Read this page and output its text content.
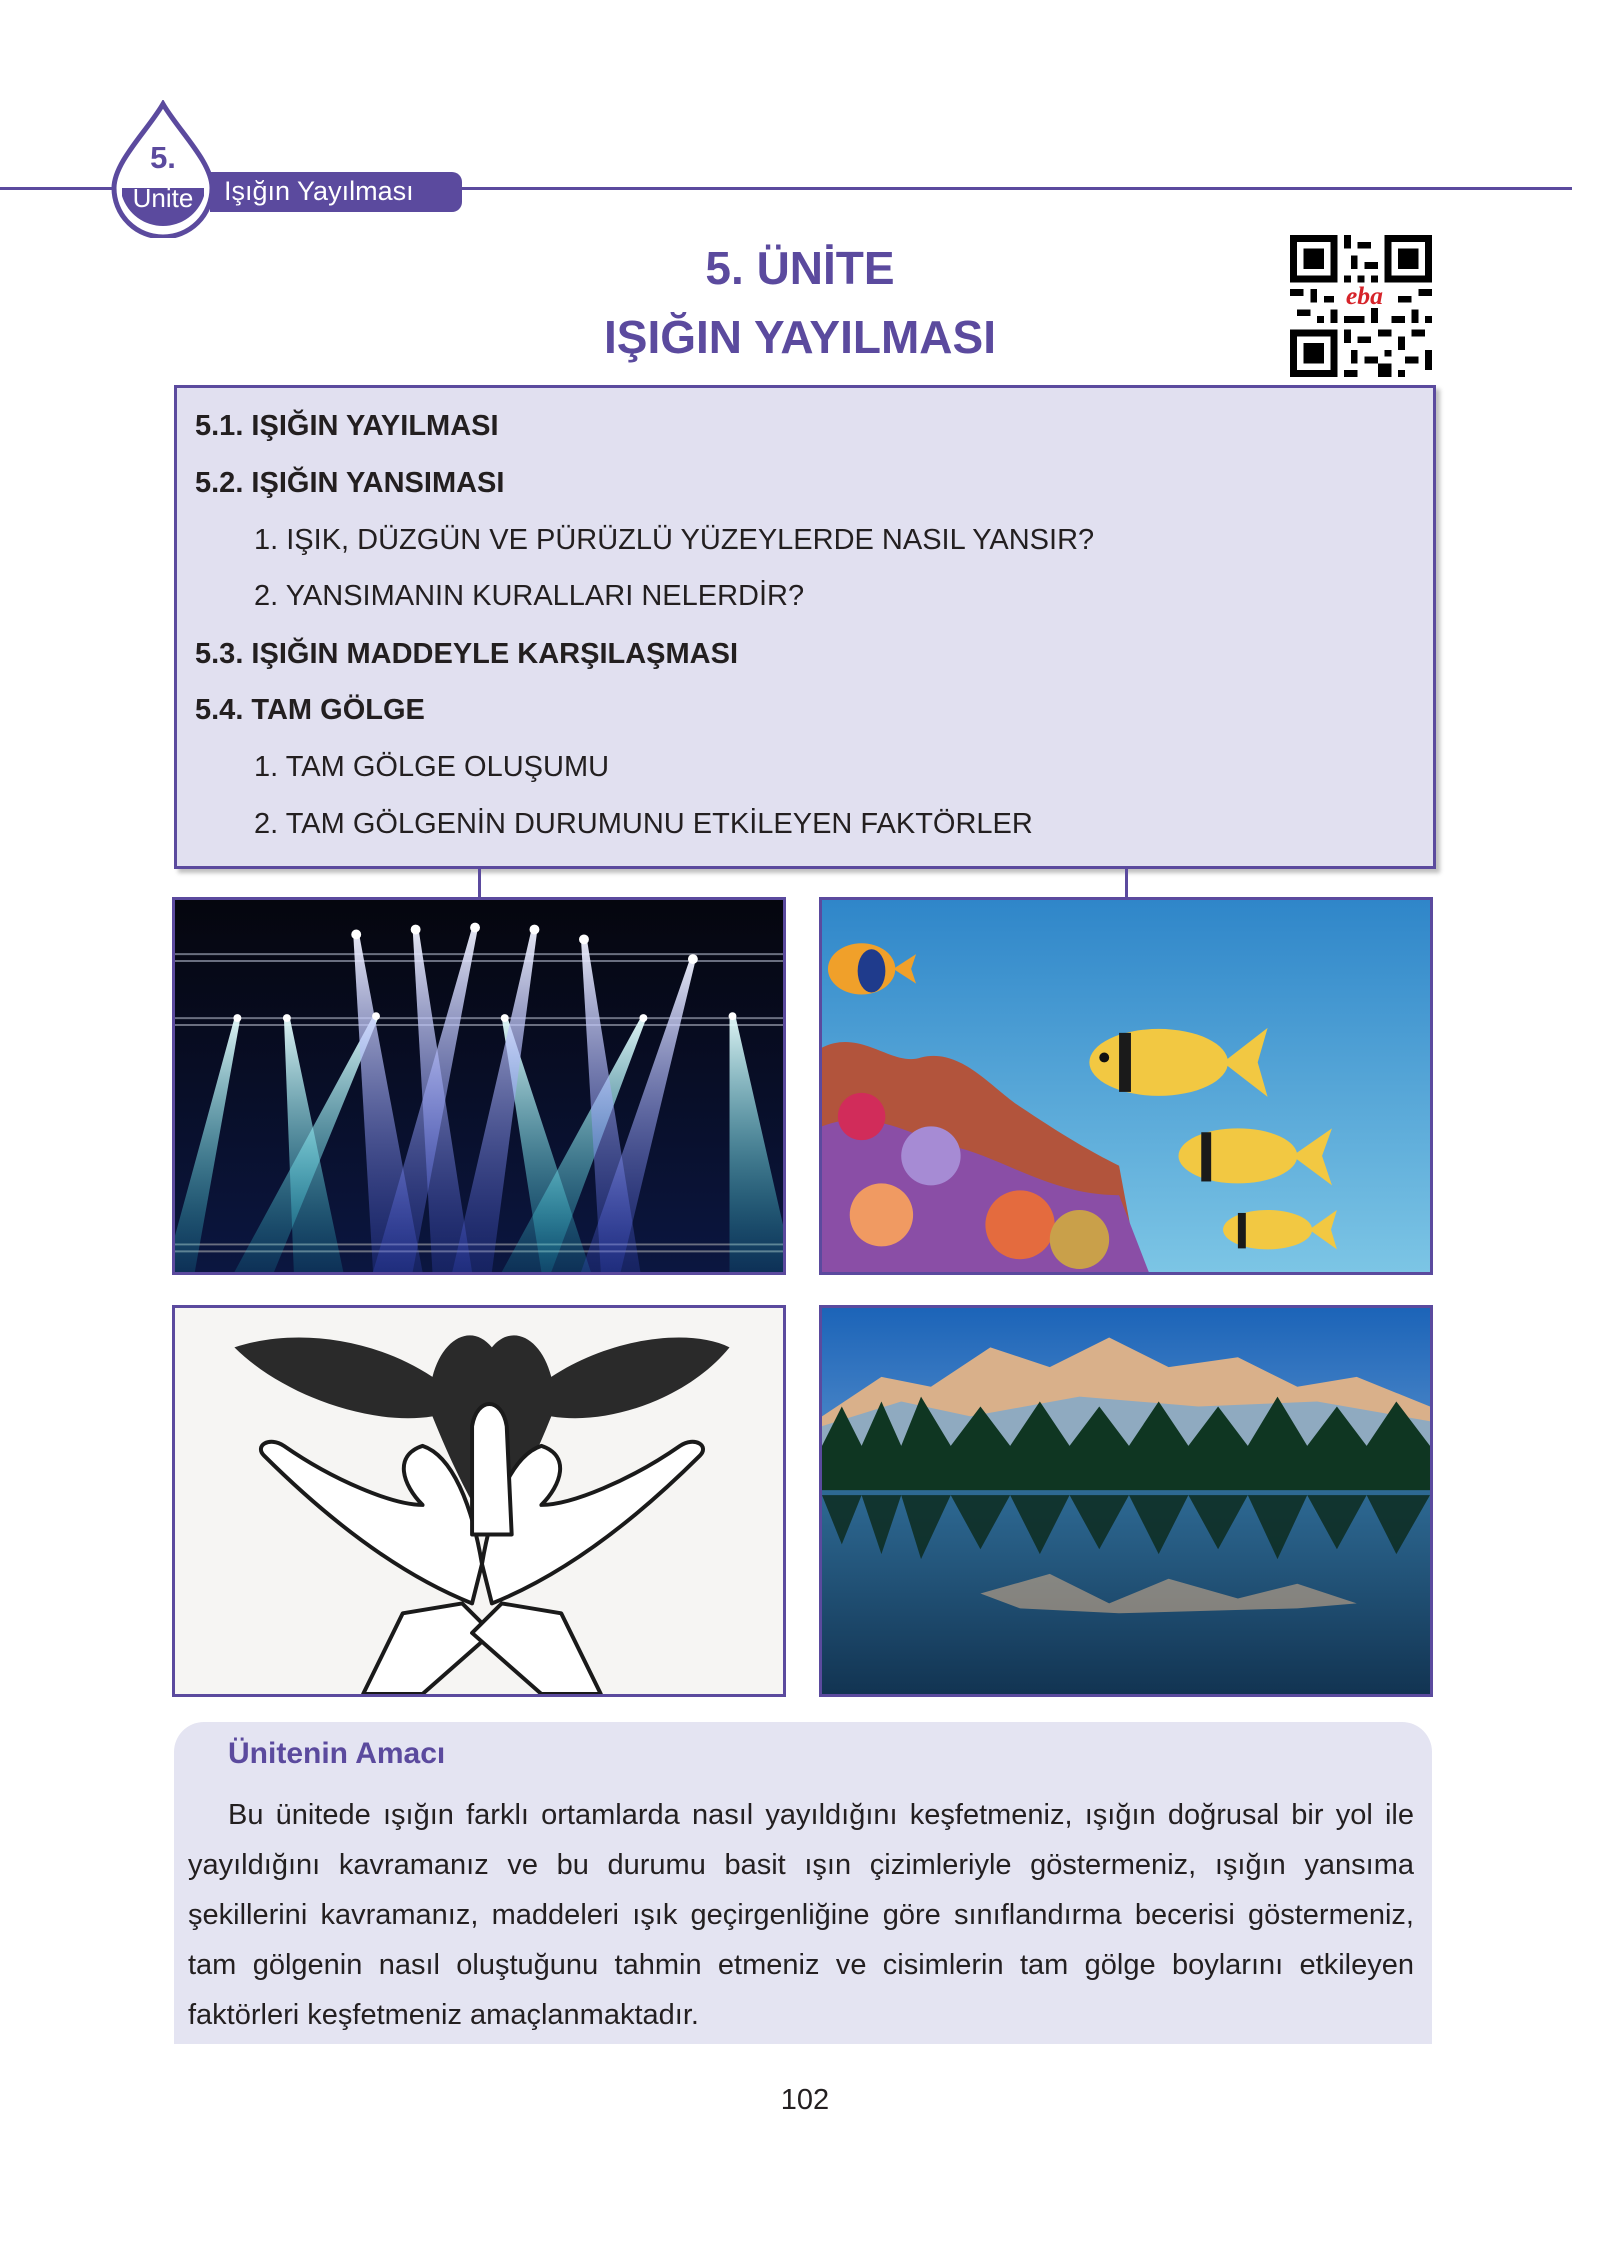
5.
Ünite	Işığın Yayılması
5. ÜNİTE
IŞIĞIN YAYILMASI
eba
5.1. IŞIĞIN YAYILMASI
5.2. IŞIĞIN YANSIMASI
1. IŞIK, DÜZGÜN VE PÜRÜZLÜ YÜZEYLERDE NASIL YANSIR?
2. YANSIMANIN KURALLARI NELERDİR?
5.3. IŞIĞIN MADDEYLE KARŞILAŞMASI
5.4. TAM GÖLGE
1. TAM GÖLGE OLUŞUMU
2. TAM GÖLGENİN DURUMUNU ETKİLEYEN FAKTÖRLER
Ünitenin Amacı
Bu ünitede ışığın farklı ortamlarda nasıl yayıldığını keşfetmeniz, ışığın doğrusal bir yol ile yayıldığını kavramanız ve bu durumu basit ışın çizimleriyle göstermeniz, ışığın yansıma şekillerini kavramanız, maddeleri ışık geçirgenliğine göre sınıflandırma becerisi göstermeniz, tam gölgenin nasıl oluştuğunu tahmin etmeniz ve cisimlerin tam gölge boylarını etkileyen faktörleri keşfetmeniz amaçlanmaktadır.
102
